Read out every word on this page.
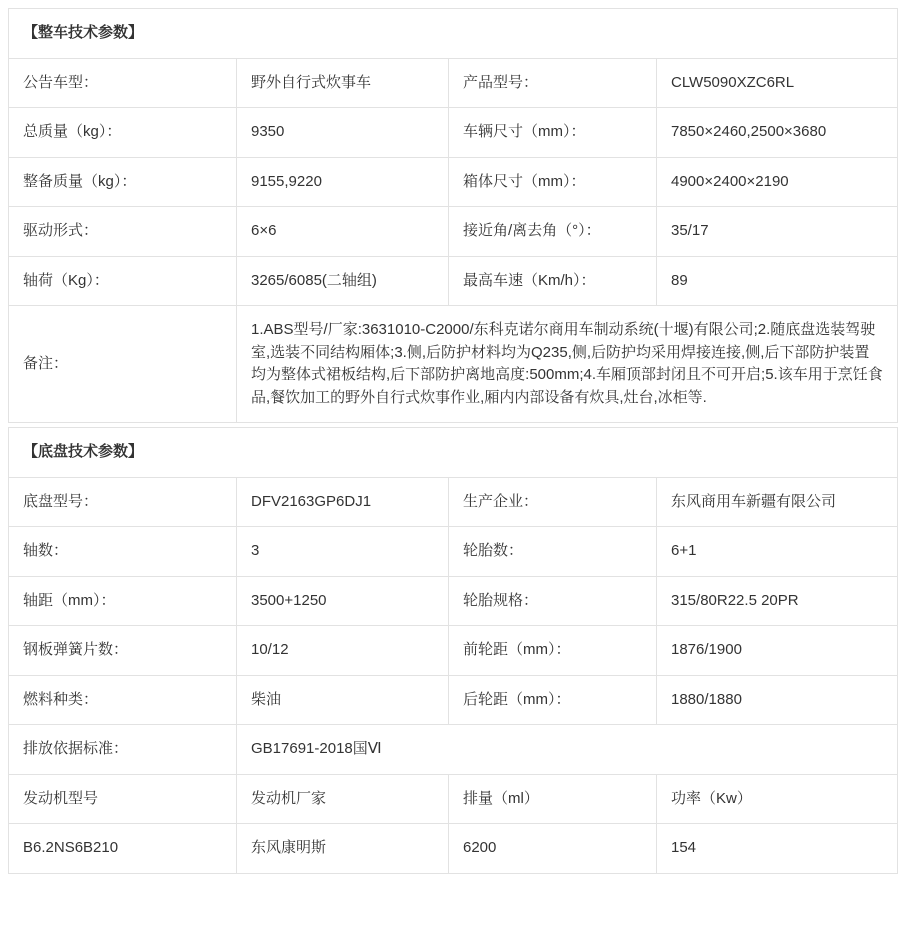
【整车技术参数】			
公告车型：	野外自行式炊事车	产品型号：	CLW5090XZC6RL
总质量（kg）：	9350	车辆尺寸（mm）：	7850×2460,2500×3680
整备质量（kg）：	9155,9220	箱体尺寸（mm）：	4900×2400×2190
驱动形式：	6×6	接近角/离去角（°）：	35/17
轴荷（Kg）：	3265/6085(二轴组)	最高车速（Km/h）：	89
备注：	1.ABS型号/厂家:3631010-C2000/东科克诺尔商用车制动系统(十堰)有限公司;2.随底盘选装驾驶室,选装不同结构厢体;3.侧,后防护材料均为Q235,侧,后防护均采用焊接连接,侧,后下部防护装置均为整体式裙板结构,后下部防护离地高度:500mm;4.车厢顶部封闭且不可开启;5.该车用于烹饪食品,餐饮加工的野外自行式炊事作业,厢内内部设备有炊具,灶台,冰柜等.		
【底盘技术参数】			
底盘型号：	DFV2163GP6DJ1	生产企业：	东风商用车新疆有限公司
轴数：	3	轮胎数：	6+1
轴距（mm）：	3500+1250	轮胎规格：	315/80R22.5 20PR
钢板弹簧片数：	10/12	前轮距（mm）：	1876/1900
燃料种类：	柴油	后轮距（mm）：	1880/1880
排放依据标准：	GB17691-2018国Ⅵ		
发动机型号	发动机厂家	排量（ml）	功率（Kw）
B6.2NS6B210	东风康明斯	6200	154
